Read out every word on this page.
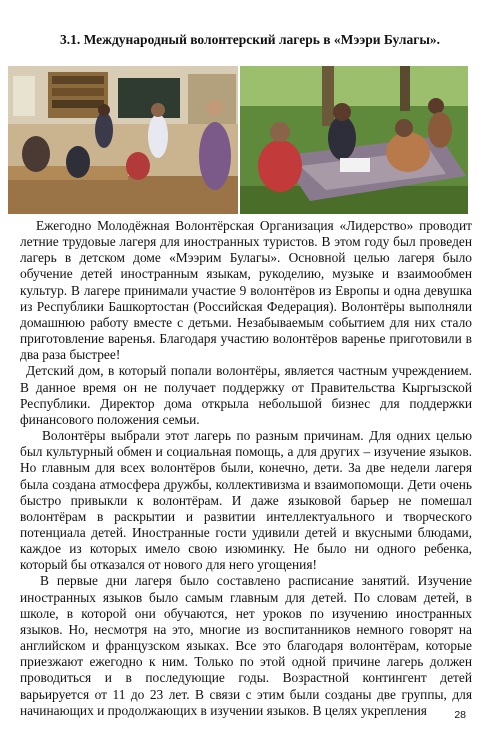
3.1. Международный волонтерский лагерь в «Мээри Булагы».

Ежегодно Молодёжная Волонтёрская Организация «Лидерство» проводит летние трудовые лагеря для иностранных туристов. В этом году был проведен лагерь в детском доме «Мээрим Булагы». Основной целью лагеря было обучение детей иностранным языкам, рукоделию, музыке и взаимообмен культур. В лагере принимали участие 9 волонтёров из Европы и одна девушка из Республики Башкортостан (Российская Федерация). Волонтёры выполняли домашнюю работу вместе с детьми. Незабываемым событием для них стало приготовление варенья. Благодаря участию волонтёров варенье приготовили в два раза быстрее!

Детский дом, в который попали волонтёры, является частным учреждением. В данное время он не получает поддержку от Правительства Кыргызской Республики. Директор дома открыла небольшой бизнес для поддержки финансового положения семьи.

Волонтёры выбрали этот лагерь по разным причинам. Для одних целью был культурный обмен и социальная помощь, а для других – изучение языков. Но главным для всех волонтёров были, конечно, дети. За две недели лагеря была создана атмосфера дружбы, коллективизма и взаимопомощи. Дети очень быстро привыкли к волонтёрам. И даже языковой барьер не помешал волонтёрам в раскрытии и развитии интеллектуального и творческого потенциала детей. Иностранные гости удивили детей и вкусными блюдами, каждое из которых имело свою изюминку. Не было ни одного ребенка, который бы отказался от нового для него угощения!

В первые дни лагеря было составлено расписание занятий. Изучение иностранных языков было самым главным для детей. По словам детей, в школе, в которой они обучаются, нет уроков по изучению иностранных языков. Но, несмотря на это, многие из воспитанников немного говорят на английском и французском языках. Все это благодаря волонтёрам, которые приезжают ежегодно к ним. Только по этой одной причине лагерь должен проводиться и в последующие годы. Возрастной контингент детей варьируется от 11 до 23 лет. В связи с этим были созданы две группы, для начинающих и продолжающих в изучении языков. В целях укрепления	28
